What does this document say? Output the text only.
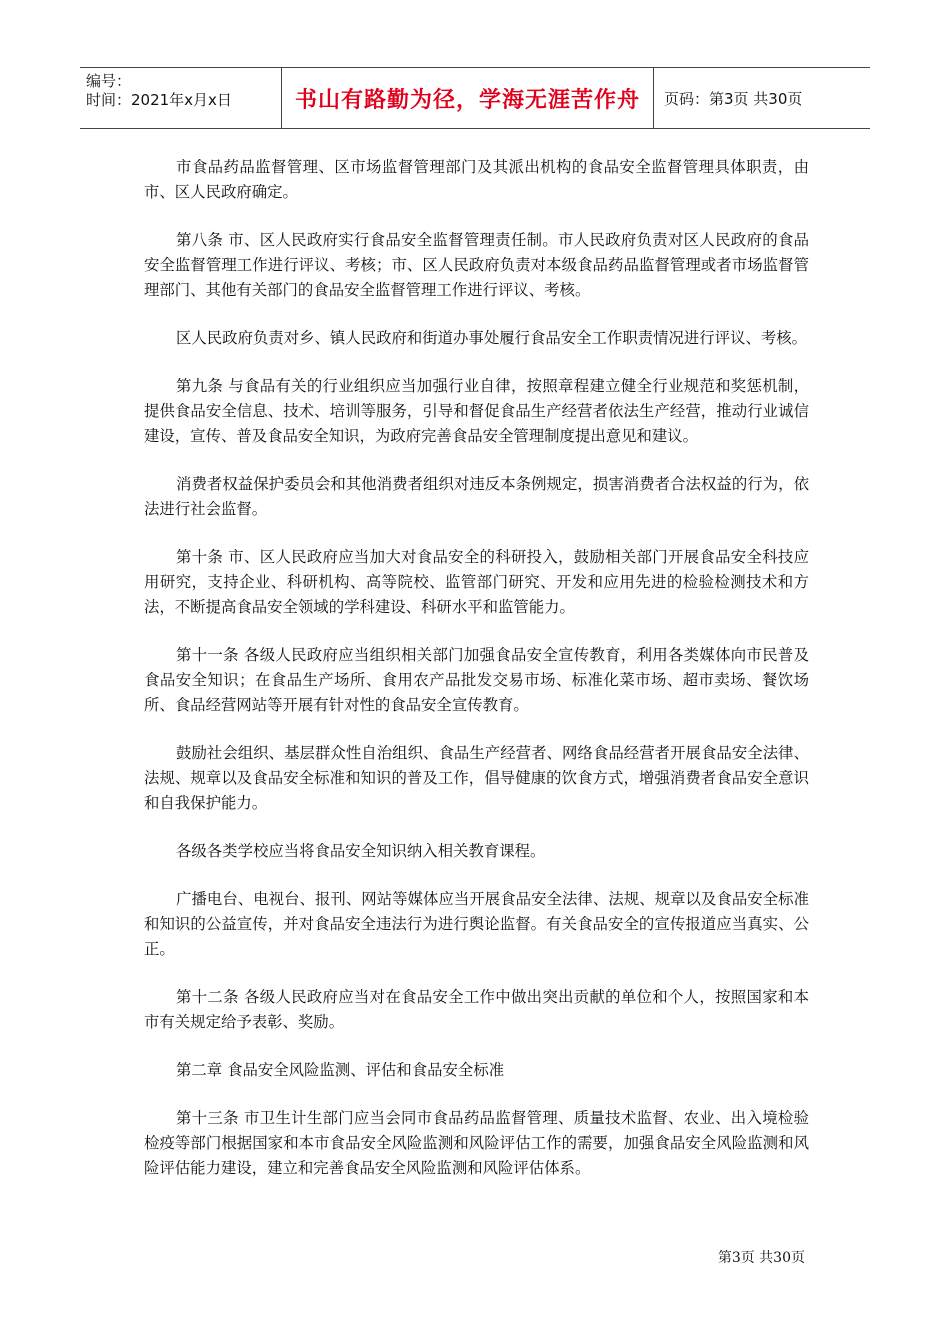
编号：
时间：2021年x月x日	书山有路勤为径，学海无涯苦作舟	页码：第3页 共30页

市食品药品监督管理、区市场监督管理部门及其派出机构的食品安全监督管理具体职责，由市、区人民政府确定。

第八条 市、区人民政府实行食品安全监督管理责任制。市人民政府负责对区人民政府的食品安全监督管理工作进行评议、考核；市、区人民政府负责对本级食品药品监督管理或者市场监督管理部门、其他有关部门的食品安全监督管理工作进行评议、考核。

区人民政府负责对乡、镇人民政府和街道办事处履行食品安全工作职责情况进行评议、考核。

第九条 与食品有关的行业组织应当加强行业自律，按照章程建立健全行业规范和奖惩机制，提供食品安全信息、技术、培训等服务，引导和督促食品生产经营者依法生产经营，推动行业诚信建设，宣传、普及食品安全知识，为政府完善食品安全管理制度提出意见和建议。

消费者权益保护委员会和其他消费者组织对违反本条例规定，损害消费者合法权益的行为，依法进行社会监督。

第十条 市、区人民政府应当加大对食品安全的科研投入，鼓励相关部门开展食品安全科技应用研究，支持企业、科研机构、高等院校、监管部门研究、开发和应用先进的检验检测技术和方法，不断提高食品安全领域的学科建设、科研水平和监管能力。

第十一条 各级人民政府应当组织相关部门加强食品安全宣传教育，利用各类媒体向市民普及食品安全知识；在食品生产场所、食用农产品批发交易市场、标准化菜市场、超市卖场、餐饮场所、食品经营网站等开展有针对性的食品安全宣传教育。

鼓励社会组织、基层群众性自治组织、食品生产经营者、网络食品经营者开展食品安全法律、法规、规章以及食品安全标准和知识的普及工作，倡导健康的饮食方式，增强消费者食品安全意识和自我保护能力。

各级各类学校应当将食品安全知识纳入相关教育课程。

广播电台、电视台、报刊、网站等媒体应当开展食品安全法律、法规、规章以及食品安全标准和知识的公益宣传，并对食品安全违法行为进行舆论监督。有关食品安全的宣传报道应当真实、公正。

第十二条 各级人民政府应当对在食品安全工作中做出突出贡献的单位和个人，按照国家和本市有关规定给予表彰、奖励。

第二章 食品安全风险监测、评估和食品安全标准

第十三条 市卫生计生部门应当会同市食品药品监督管理、质量技术监督、农业、出入境检验检疫等部门根据国家和本市食品安全风险监测和风险评估工作的需要，加强食品安全风险监测和风险评估能力建设，建立和完善食品安全风险监测和风险评估体系。

第3页 共30页
